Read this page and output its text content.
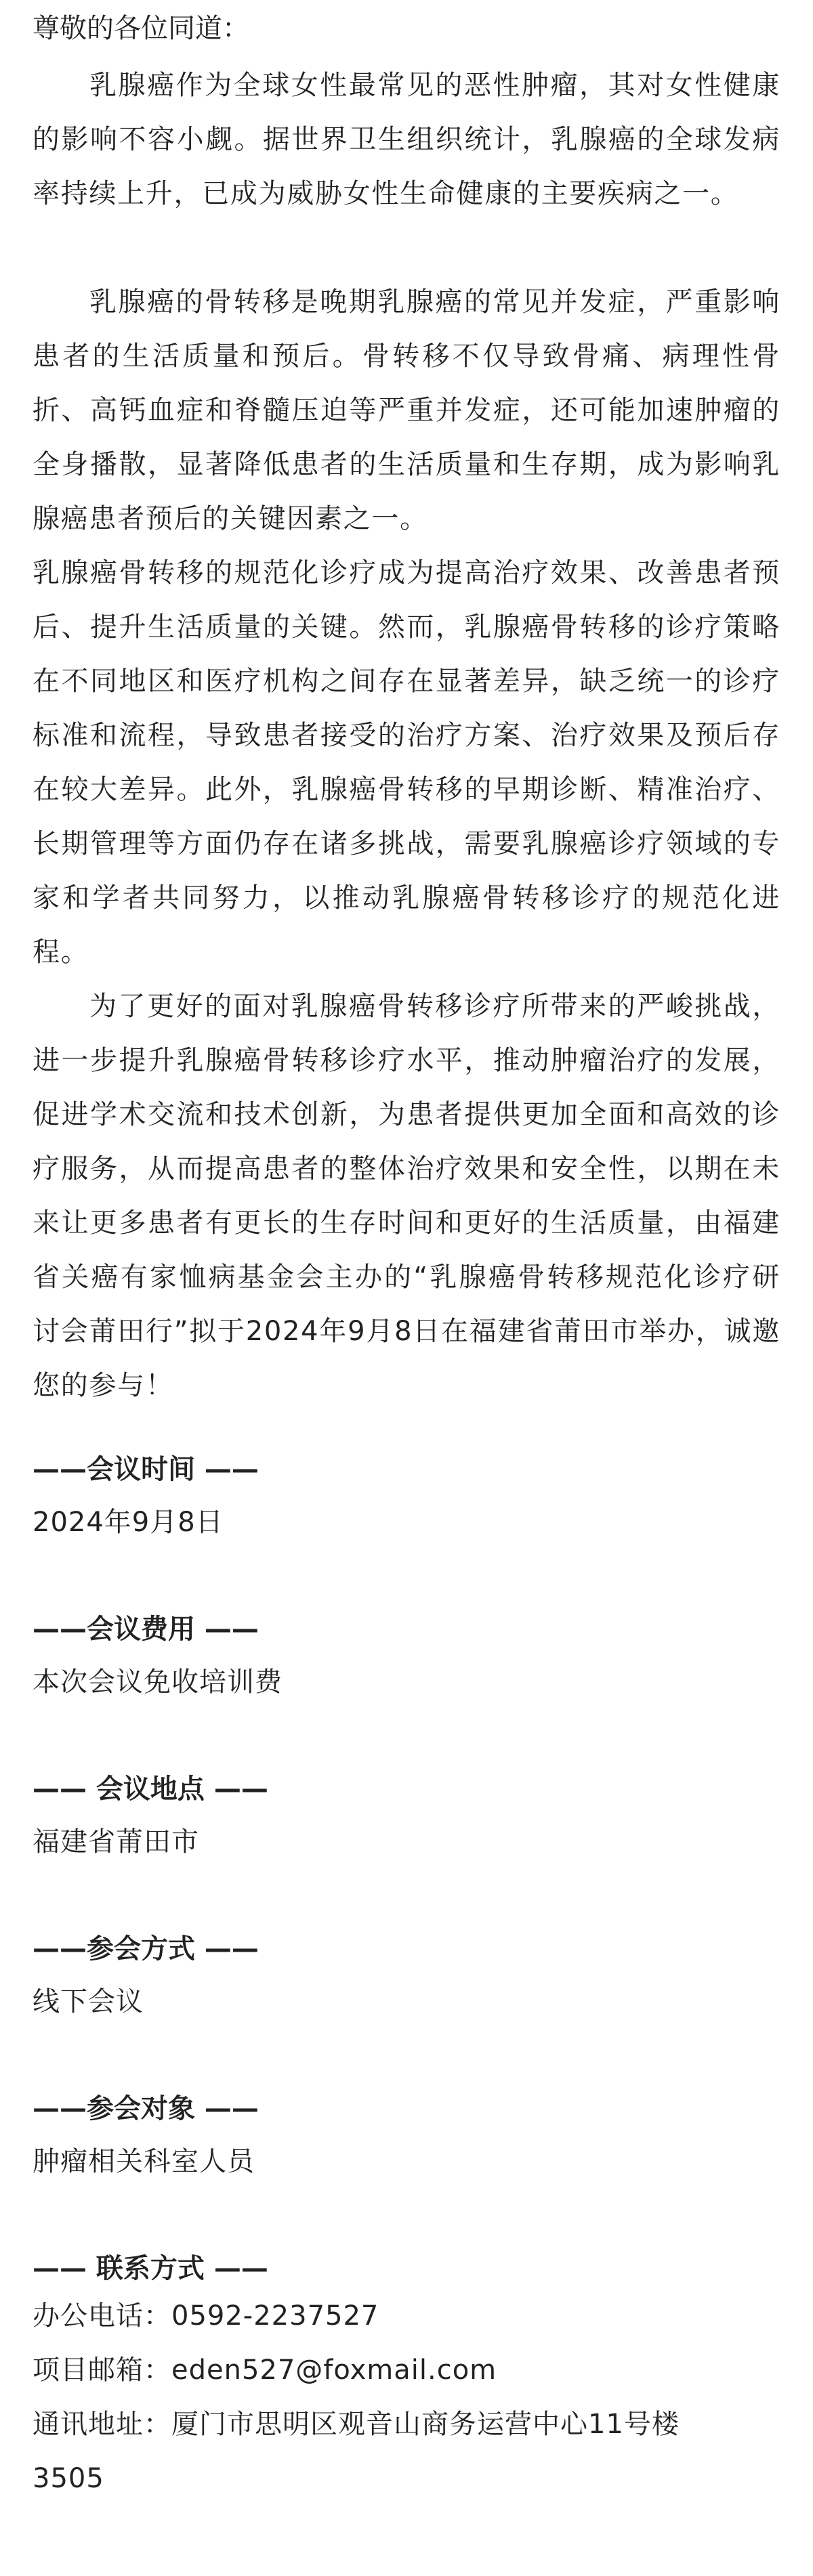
尊敬的各位同道：

乳腺癌作为全球女性最常见的恶性肿瘤，其对女性健康的影响不容小觑。据世界卫生组织统计，乳腺癌的全球发病率持续上升，已成为威胁女性生命健康的主要疾病之一。

乳腺癌的骨转移是晚期乳腺癌的常见并发症，严重影响患者的生活质量和预后。骨转移不仅导致骨痛、病理性骨折、高钙血症和脊髓压迫等严重并发症，还可能加速肿瘤的全身播散，显著降低患者的生活质量和生存期，成为影响乳腺癌患者预后的关键因素之一。

乳腺癌骨转移的规范化诊疗成为提高治疗效果、改善患者预后、提升生活质量的关键。然而，乳腺癌骨转移的诊疗策略在不同地区和医疗机构之间存在显著差异，缺乏统一的诊疗标准和流程，导致患者接受的治疗方案、治疗效果及预后存在较大差异。此外，乳腺癌骨转移的早期诊断、精准治疗、长期管理等方面仍存在诸多挑战，需要乳腺癌诊疗领域的专家和学者共同努力，以推动乳腺癌骨转移诊疗的规范化进程。

为了更好的面对乳腺癌骨转移诊疗所带来的严峻挑战，进一步提升乳腺癌骨转移诊疗水平，推动肿瘤治疗的发展，促进学术交流和技术创新，为患者提供更加全面和高效的诊疗服务，从而提高患者的整体治疗效果和安全性，以期在未来让更多患者有更长的生存时间和更好的生活质量，由福建省关癌有家恤病基金会主办的“乳腺癌骨转移规范化诊疗研讨会莆田行”拟于2024年9月8日在福建省莆田市举办，诚邀您的参与！

——会议时间 ——
2024年9月8日
——会议费用 ——
本次会议免收培训费
—— 会议地点 ——
福建省莆田市
——参会方式 ——
线下会议
——参会对象 ——
肿瘤相关科室人员
—— 联系方式 ——
办公电话：0592-2237527
项目邮箱：eden527@foxmail.com
通讯地址：厦门市思明区观音山商务运营中心11号楼
3505
